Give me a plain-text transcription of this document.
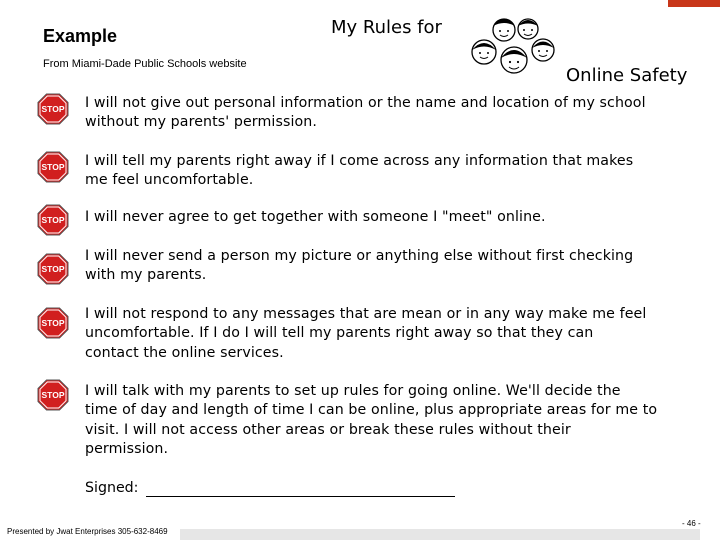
Example
From Miami-Dade Public Schools website
My Rules for
Online Safety
STOP I will not give out personal information or the name and location of my school
without my parents' permission.
STOP I will tell my parents right away if I come across any information that makes
me feel uncomfortable.
STOP I will never agree to get together with someone I "meet" online.
STOP
I will never send a person my picture or anything else without first checking
with my parents.
STOP
I will not respond to any messages that are mean or in any way make me feel
uncomfortable. If I do I will tell my parents right away so that they can
contact the online services.
STOP I will talk with my parents to set up rules for going online. We'll decide the
time of day and length of time I can be online, plus appropriate areas for me to
visit. I will not access other areas or break these rules without their
permission.
Signed:
Presented by Jwat Enterprises 305-632-8469
- 46 -
